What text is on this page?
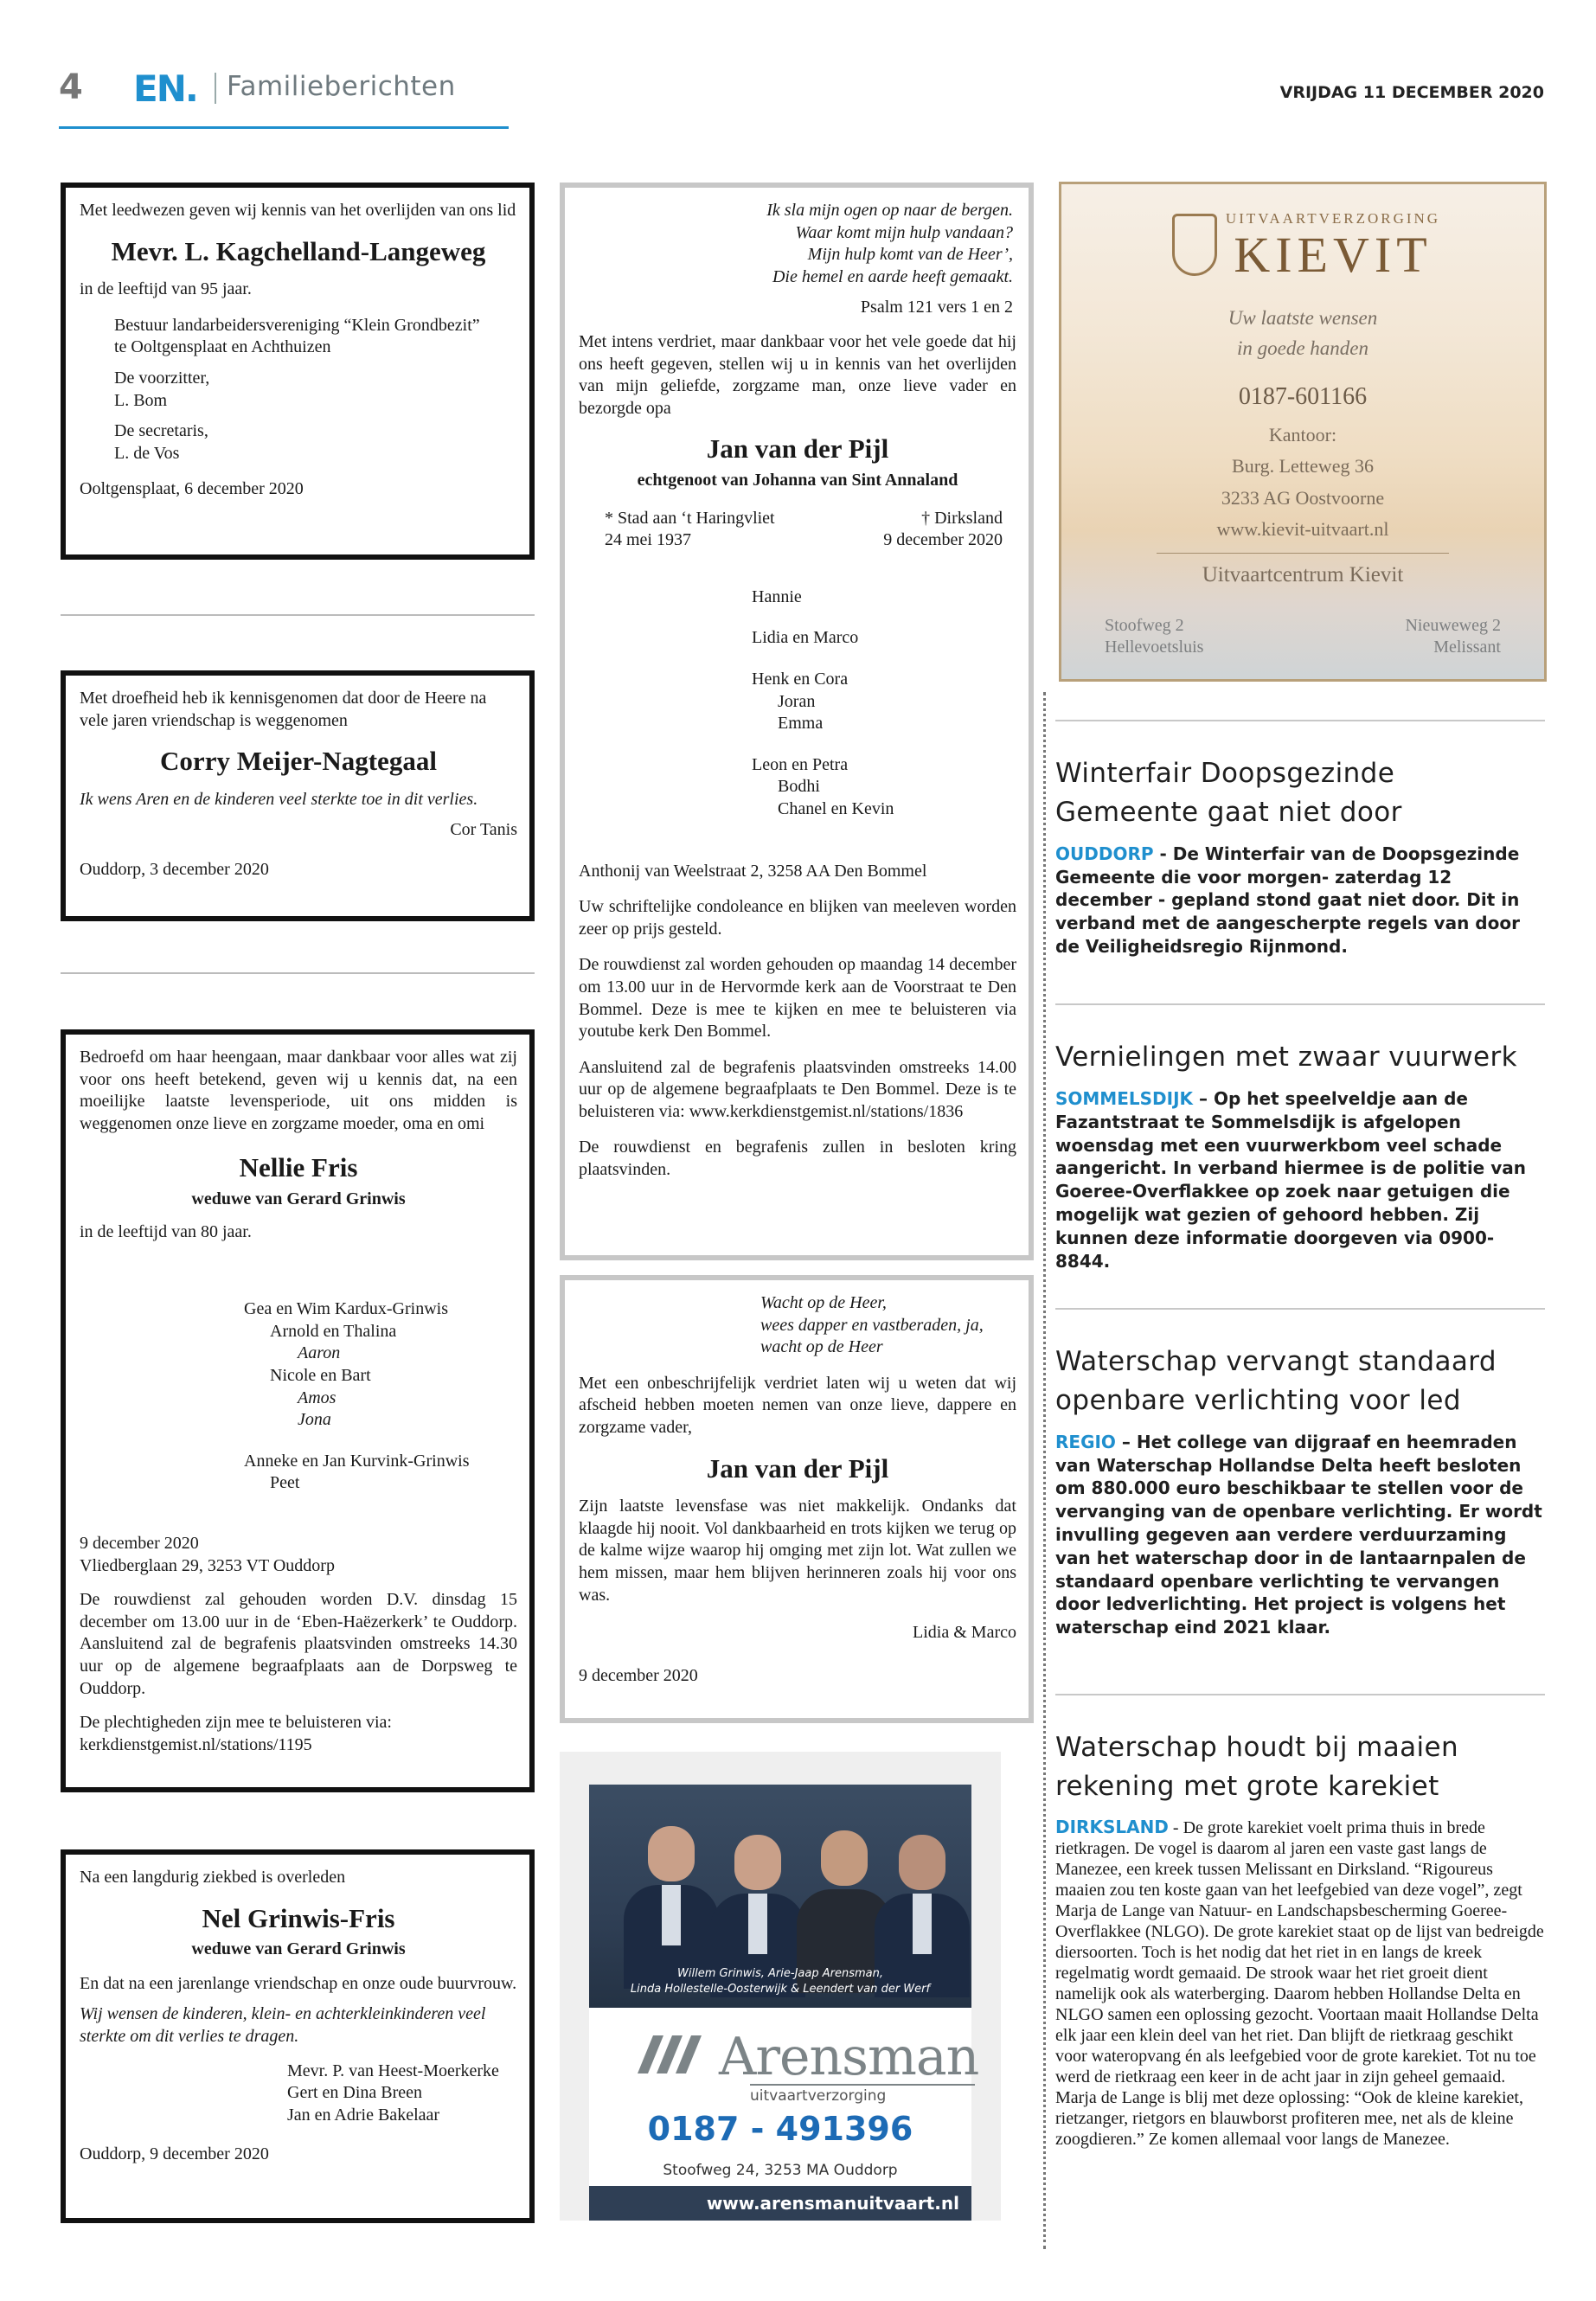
4 EN. Familieberichten	VRIJDAG 11 DECEMBER 2020
Met leedwezen geven wij kennis van het overlijden van ons lid
Mevr. L. Kagchelland-Langeweg
in de leeftijd van 95 jaar.
Bestuur landarbeidersvereniging “Klein Grondbezit”
te Ooltgensplaat en Achthuizen
De voorzitter,
L. Bom
De secretaris,
L. de Vos
Ooltgensplaat, 6 december 2020
Met droefheid heb ik kennisgenomen dat door de Heere na vele jaren vriendschap is weggenomen
Corry Meijer-Nagtegaal
Ik wens Aren en de kinderen veel sterkte toe in dit verlies.
Cor Tanis
Ouddorp, 3 december 2020
Bedroefd om haar heengaan, maar dankbaar voor alles wat zij voor ons heeft betekend, geven wij u kennis dat, na een moeilijke laatste levensperiode, uit ons midden is weggenomen onze lieve en zorgzame moeder, oma en omi
Nellie Fris
weduwe van Gerard Grinwis
in de leeftijd van 80 jaar.
Gea en Wim Kardux-Grinwis
Arnold en Thalina
Aaron
Nicole en Bart
Amos
Jona
Anneke en Jan Kurvink-Grinwis
Peet
9 december 2020
Vliedberglaan 29, 3253 VT Ouddorp
De rouwdienst zal gehouden worden D.V. dinsdag 15 december om 13.00 uur in de ‘Eben-Haëzerkerk’ te Ouddorp. Aansluitend zal de begrafenis plaatsvinden omstreeks 14.30 uur op de algemene begraafplaats aan de Dorpsweg te Ouddorp.
De plechtigheden zijn mee te beluisteren via: kerkdienstgemist.nl/stations/1195
Na een langdurig ziekbed is overleden
Nel Grinwis-Fris
weduwe van Gerard Grinwis
En dat na een jarenlange vriendschap en onze oude buurvrouw.
Wij wensen de kinderen, klein- en achterkleinkinderen veel sterkte om dit verlies te dragen.
Mevr. P. van Heest-Moerkerke
Gert en Dina Breen
Jan en Adrie Bakelaar
Ouddorp, 9 december 2020
Ik sla mijn ogen op naar de bergen.
Waar komt mijn hulp vandaan?
Mijn hulp komt van de Heer’,
Die hemel en aarde heeft gemaakt.
Psalm 121 vers 1 en 2
Met intens verdriet, maar dankbaar voor het vele goede dat hij ons heeft gegeven, stellen wij u in kennis van het overlijden van mijn geliefde, zorgzame man, onze lieve vader en bezorgde opa
Jan van der Pijl
echtgenoot van Johanna van Sint Annaland
* Stad aan ‘t Haringvliet
24 mei 1937
† Dirksland
9 december 2020
Hannie
Lidia en Marco
Henk en Cora
Joran
Emma
Leon en Petra
Bodhi
Chanel en Kevin
Anthonij van Weelstraat 2, 3258 AA Den Bommel
Uw schriftelijke condoleance en blijken van meeleven worden zeer op prijs gesteld.
De rouwdienst zal worden gehouden op maandag 14 december om 13.00 uur in de Hervormde kerk aan de Voorstraat te Den Bommel. Deze is mee te kijken en mee te beluisteren via youtube kerk Den Bommel.
Aansluitend zal de begrafenis plaatsvinden omstreeks 14.00 uur op de algemene begraafplaats te Den Bommel. Deze is te beluisteren via: www.kerkdienstgemist.nl/stations/1836
De rouwdienst en begrafenis zullen in besloten kring plaatsvinden.
Wacht op de Heer,
wees dapper en vastberaden, ja,
wacht op de Heer
Met een onbeschrijfelijk verdriet laten wij u weten dat wij afscheid hebben moeten nemen van onze lieve, dappere en zorgzame vader,
Jan van der Pijl
Zijn laatste levensfase was niet makkelijk. Ondanks dat klaagde hij nooit. Vol dankbaarheid en trots kijken we terug op de kalme wijze waarop hij omging met zijn lot. Wat zullen we hem missen, maar hem blijven herinneren zoals hij voor ons was.
Lidia & Marco
9 december 2020
Willem Grinwis, Arie-Jaap Arensman,
Linda Hollestelle-Oosterwijk & Leendert van der Werf
Arensman
uitvaartverzorging
0187 - 491396
Stoofweg 24, 3253 MA Ouddorp
www.arensmanuitvaart.nl
UITVAARTVERZORGING
KIEVIT
Uw laatste wensen
in goede handen
0187-601166
Kantoor:
Burg. Letteweg 36
3233 AG Oostvoorne
www.kievit-uitvaart.nl
Uitvaartcentrum Kievit
Stoofweg 2
Hellevoetsluis
Nieuweweg 2
Melissant
Winterfair Doopsgezinde Gemeente gaat niet door
OUDDORP - De Winterfair van de Doopsgezinde Gemeente die voor morgen- zaterdag 12 december - gepland stond gaat niet door. Dit in verband met de aangescherpte regels van door de Veiligheidsregio Rijnmond.
Vernielingen met zwaar vuurwerk
SOMMELSDIJK – Op het speelveldje aan de Fazantstraat te Sommelsdijk is afgelopen woensdag met een vuurwerkbom veel schade aangericht. In verband hiermee is de politie van Goeree-Overflakkee op zoek naar getuigen die mogelijk wat gezien of gehoord hebben. Zij kunnen deze informatie doorgeven via 0900-8844.
Waterschap vervangt standaard openbare verlichting voor led
REGIO – Het college van dijgraaf en heemraden van Waterschap Hollandse Delta heeft besloten om 880.000 euro beschikbaar te stellen voor de vervanging van de openbare verlichting. Er wordt invulling gegeven aan verdere verduurzaming van het waterschap door in de lantaarnpalen de standaard openbare verlichting te vervangen door ledverlichting. Het project is volgens het waterschap eind 2021 klaar.
Waterschap houdt bij maaien rekening met grote karekiet
DIRKSLAND - De grote karekiet voelt prima thuis in brede rietkragen. De vogel is daarom al jaren een vaste gast langs de Manezee, een kreek tussen Melissant en Dirksland. “Rigoureus maaien zou ten koste gaan van het leefgebied van deze vogel”, zegt Marja de Lange van Natuur- en Landschapsbescherming Goeree-Overflakkee (NLGO). De grote karekiet staat op de lijst van bedreigde diersoorten. Toch is het nodig dat het riet in en langs de kreek regelmatig wordt gemaaid. De strook waar het riet groeit dient namelijk ook als waterberging. Daarom hebben Hollandse Delta en NLGO samen een oplossing gezocht. Voortaan maait Hollandse Delta elk jaar een klein deel van het riet. Dan blijft de rietkraag geschikt voor wateropvang én als leefgebied voor de grote karekiet. Tot nu toe werd de rietkraag een keer in de acht jaar in zijn geheel gemaaid. Marja de Lange is blij met deze oplossing: “Ook de kleine karekiet, rietzanger, rietgors en blauwborst profiteren mee, net als de kleine zoogdieren.” Ze komen allemaal voor langs de Manezee.
